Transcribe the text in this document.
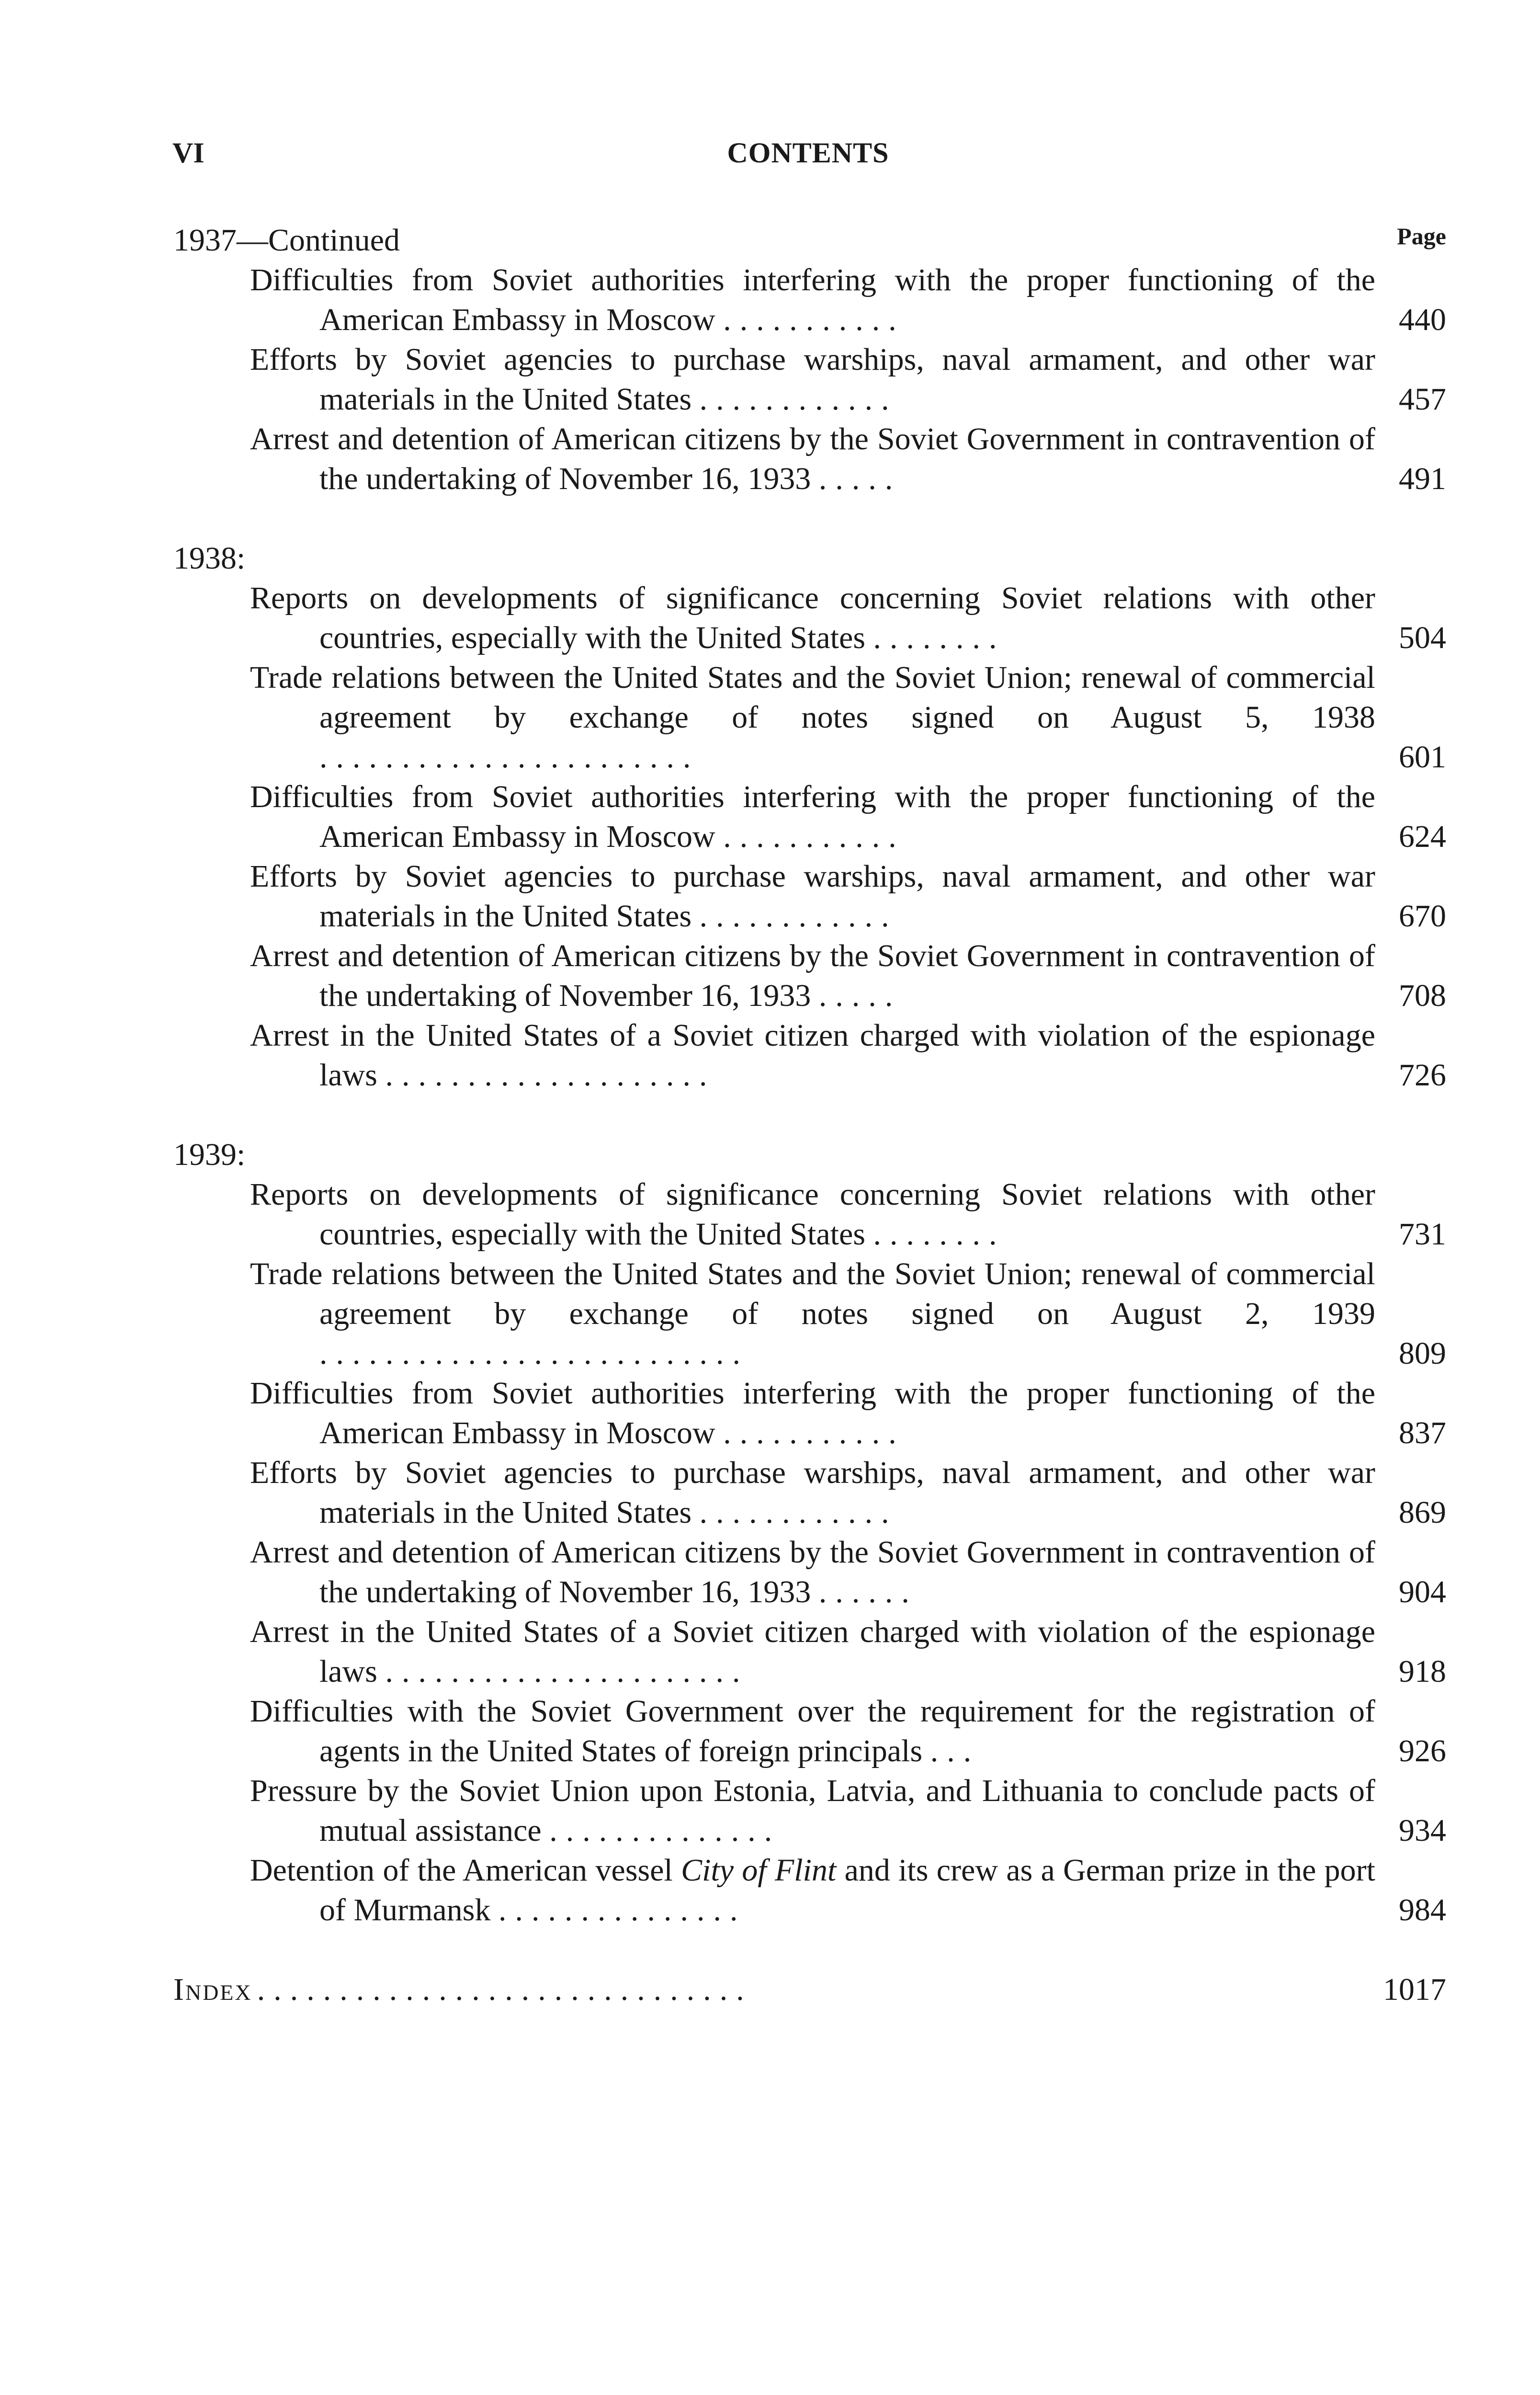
VI	CONTENTS
1937—Continued	Page
Difficulties from Soviet authorities interfering with the proper functioning of the American Embassy in Moscow ...........	440
Efforts by Soviet agencies to purchase warships, naval armament, and other war materials in the United States ............	457
Arrest and detention of American citizens by the Soviet Government in contravention of the undertaking of November 16, 1933 .....	491
1938:
Reports on developments of significance concerning Soviet relations with other countries, especially with the United States ........	504
Trade relations between the United States and the Soviet Union; renewal of commercial agreement by exchange of notes signed on August 5, 1938 .......................	601
Difficulties from Soviet authorities interfering with the proper functioning of the American Embassy in Moscow ...........	624
Efforts by Soviet agencies to purchase warships, naval armament, and other war materials in the United States ............	670
Arrest and detention of American citizens by the Soviet Government in contravention of the undertaking of November 16, 1933 .....	708
Arrest in the United States of a Soviet citizen charged with violation of the espionage laws ....................	726
1939:
Reports on developments of significance concerning Soviet relations with other countries, especially with the United States ........	731
Trade relations between the United States and the Soviet Union; renewal of commercial agreement by exchange of notes signed on August 2, 1939 ..........................	809
Difficulties from Soviet authorities interfering with the proper functioning of the American Embassy in Moscow ...........	837
Efforts by Soviet agencies to purchase warships, naval armament, and other war materials in the United States ............	869
Arrest and detention of American citizens by the Soviet Government in contravention of the undertaking of November 16, 1933 ......	904
Arrest in the United States of a Soviet citizen charged with violation of the espionage laws ......................	918
Difficulties with the Soviet Government over the requirement for the registration of agents in the United States of foreign principals ...	926
Pressure by the Soviet Union upon Estonia, Latvia, and Lithuania to conclude pacts of mutual assistance ..............	934
Detention of the American vessel City of Flint and its crew as a German prize in the port of Murmansk ...............	984
Index ..............................	1017
